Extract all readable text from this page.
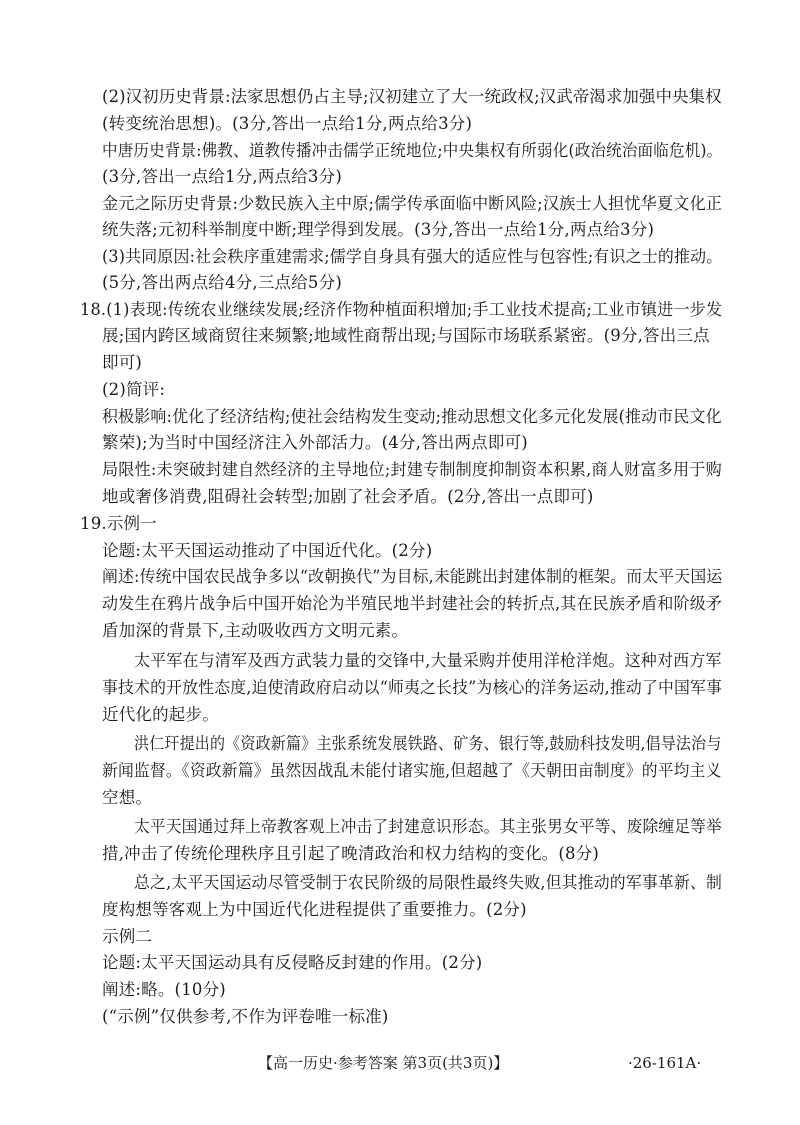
(2)汉初历史背景:法家思想仍占主导;汉初建立了大一统政权;汉武帝渴求加强中央集权
(转变统治思想)。(3分,答出一点给1分,两点给3分)
中唐历史背景:佛教、道教传播冲击儒学正统地位;中央集权有所弱化(政治统治面临危机)。
(3分,答出一点给1分,两点给3分)
金元之际历史背景:少数民族入主中原;儒学传承面临中断风险;汉族士人担忧华夏文化正
统失落;元初科举制度中断;理学得到发展。(3分,答出一点给1分,两点给3分)
(3)共同原因:社会秩序重建需求;儒学自身具有强大的适应性与包容性;有识之士的推动。
(5分,答出两点给4分,三点给5分)
18.(1)表现:传统农业继续发展;经济作物种植面积增加;手工业技术提高;工业市镇进一步发
展;国内跨区域商贸往来频繁;地域性商帮出现;与国际市场联系紧密。(9分,答出三点
即可)
(2)简评:
积极影响:优化了经济结构;使社会结构发生变动;推动思想文化多元化发展(推动市民文化
繁荣);为当时中国经济注入外部活力。(4分,答出两点即可)
局限性:未突破封建自然经济的主导地位;封建专制制度抑制资本积累,商人财富多用于购
地或奢侈消费,阻碍社会转型;加剧了社会矛盾。(2分,答出一点即可)
19.示例一
论题:太平天国运动推动了中国近代化。(2分)
阐述:传统中国农民战争多以“改朝换代”为目标,未能跳出封建体制的框架。而太平天国运
动发生在鸦片战争后中国开始沦为半殖民地半封建社会的转折点,其在民族矛盾和阶级矛
盾加深的背景下,主动吸收西方文明元素。
太平军在与清军及西方武装力量的交锋中,大量采购并使用洋枪洋炮。这种对西方军
事技术的开放性态度,迫使清政府启动以“师夷之长技”为核心的洋务运动,推动了中国军事
近代化的起步。
洪仁玕提出的《资政新篇》主张系统发展铁路、矿务、银行等,鼓励科技发明,倡导法治与
新闻监督。《资政新篇》虽然因战乱未能付诸实施,但超越了《天朝田亩制度》的平均主义
空想。
太平天国通过拜上帝教客观上冲击了封建意识形态。其主张男女平等、废除缠足等举
措,冲击了传统伦理秩序且引起了晚清政治和权力结构的变化。(8分)
总之,太平天国运动尽管受制于农民阶级的局限性最终失败,但其推动的军事革新、制
度构想等客观上为中国近代化进程提供了重要推力。(2分)
示例二
论题:太平天国运动具有反侵略反封建的作用。(2分)
阐述:略。(10分)
(“示例”仅供参考,不作为评卷唯一标准)
【高一历史·参考答案 第3页(共3页)】	·26-161A·
